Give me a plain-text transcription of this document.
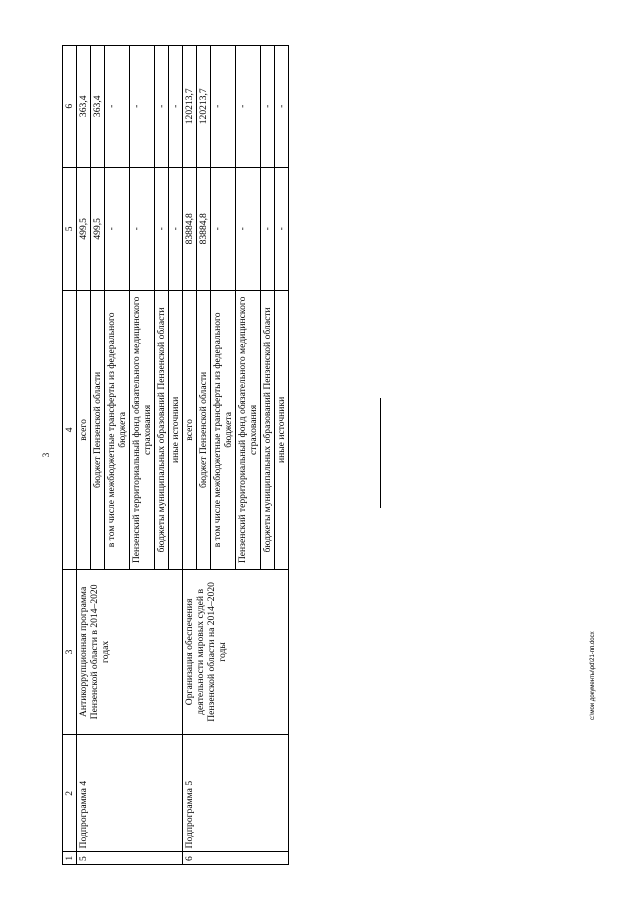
3
1	2	3	4	5	6
5	Подпрограмма 4	Антикоррупционная программа Пензенской области в 2014–2020 годах	всего	499,5	363,4
			бюджет Пензенской области	499,5	363,4
			в том числе межбюджетные трансферты из федерального бюджета	-	-
			Пензенский территориальный фонд обязательного медицинского страхования	-	-
			бюджеты муниципальных образований Пензенской области	-	-
			иные источники	-	-
6	Подпрограмма 5	Организация обеспечения деятельности мировых судей в Пензенской области на 2014–2020 годы	всего	83884,8	120213,7
			бюджет Пензенской области	83884,8	120213,7
			в том числе межбюджетные трансферты из федерального бюджета	-	-
			Пензенский территориальный фонд обязательного медицинского страхования	-	-
			бюджеты муниципальных образований Пензенской области	-	-
			иные источники	-	-
c:\мои документы\pd\21-пп.docx
